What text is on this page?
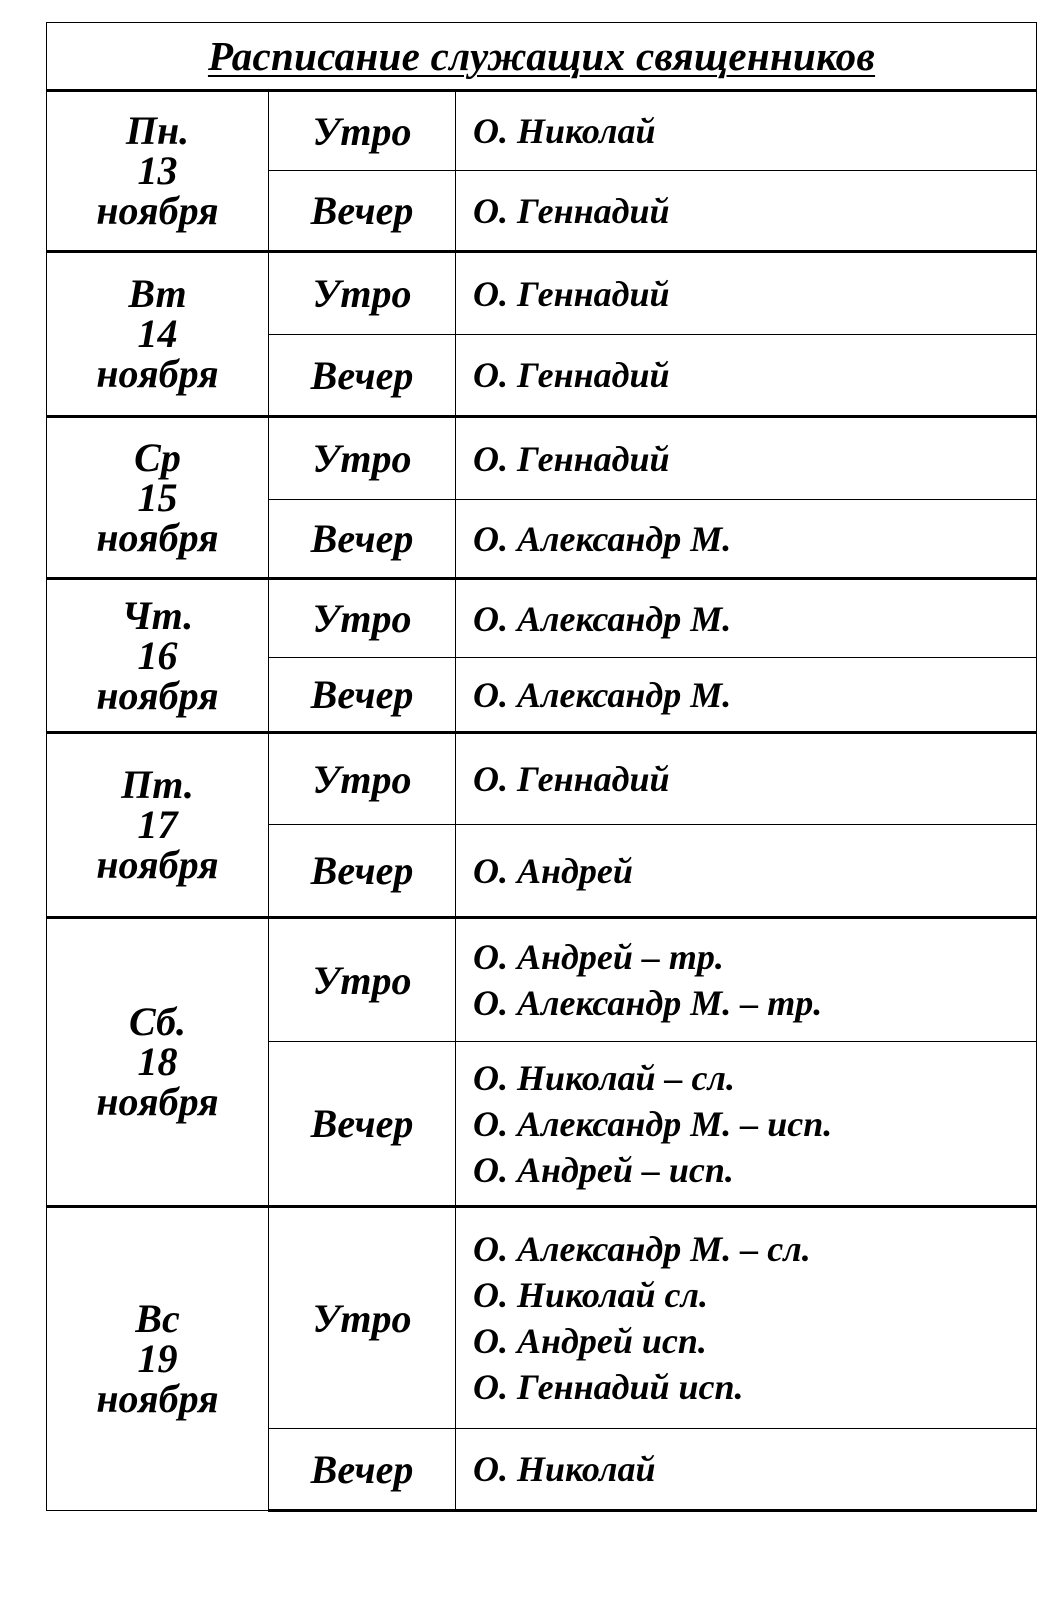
Расписание служащих священников		

Пн.
13
ноября	Утро	О. Николай

	Вечер	О. Геннадий

Вт
14
ноября	Утро	О. Геннадий

	Вечер	О. Геннадий

Ср
15
ноября	Утро	О. Геннадий

	Вечер	О. Александр М.

Чт.
16
ноября	Утро	О. Александр М.

	Вечер	О. Александр М.

Пт.
17
ноября	Утро	О. Геннадий

	Вечер	О. Андрей

Сб.
18
ноября	Утро	О. Андрей – тр.
О. Александр М. – тр.

	Вечер	О. Николай – сл.
О. Александр М. – исп.
О. Андрей – исп.

Вс
19
ноября	Утро	О. Александр М. – сл.
О. Николай сл.
О. Андрей исп.
О. Геннадий исп.

	Вечер	О. Николай
